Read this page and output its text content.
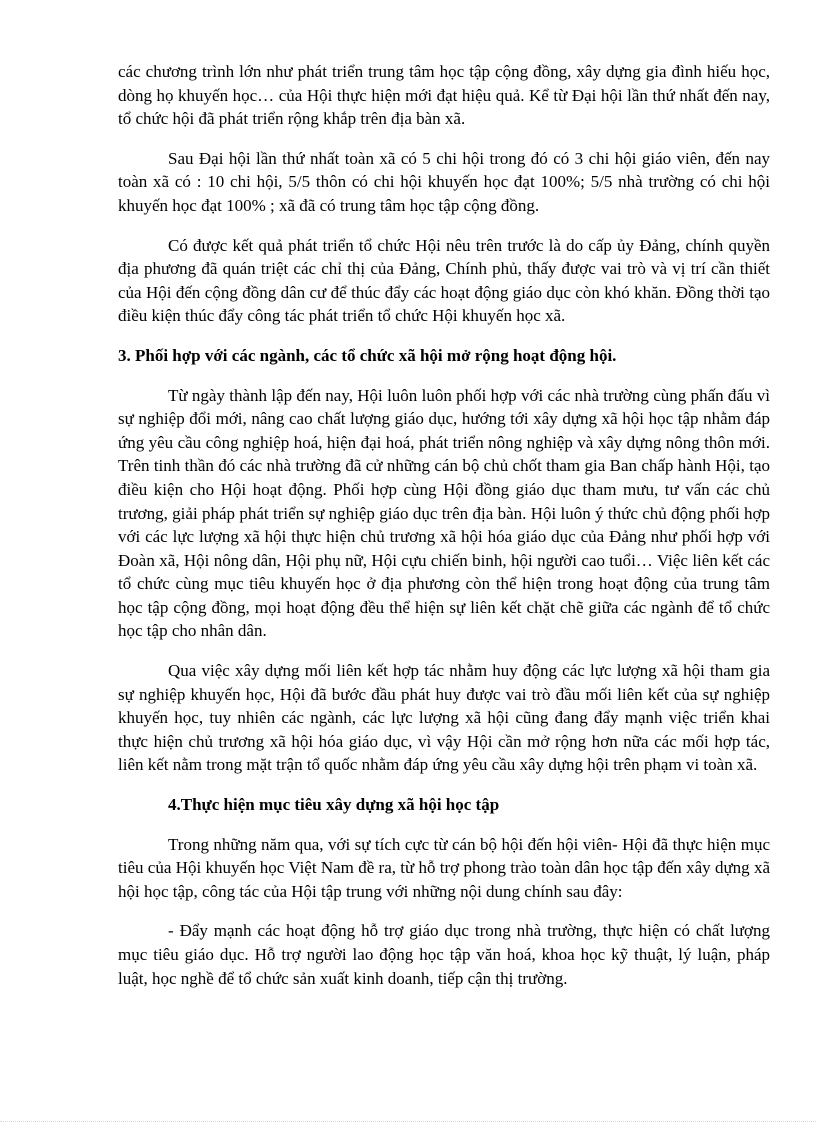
các chương trình lớn như phát triển trung tâm học tập cộng đồng, xây dựng gia đình hiếu học, dòng họ khuyến học… của Hội thực hiện mới đạt hiệu quả. Kể từ Đại hội lần thứ nhất đến nay, tổ chức hội đã phát triển rộng khắp trên địa bàn xã.

Sau Đại hội lần thứ nhất toàn xã có 5 chi hội trong đó có 3 chi hội giáo viên, đến nay toàn xã có : 10 chi hội, 5/5 thôn có chi hội khuyến học đạt 100%; 5/5 nhà trường có chi hội khuyến học đạt 100% ; xã đã có trung tâm học tập cộng đồng.

Có được kết quả phát triển tổ chức Hội nêu trên trước là do cấp ủy Đảng, chính quyền địa phương đã quán triệt các chỉ thị của Đảng, Chính phủ, thấy được vai trò và vị trí cần thiết của Hội đến cộng đồng dân cư để thúc đẩy các hoạt động giáo dục còn khó khăn. Đồng thời tạo điều kiện thúc đẩy công tác phát triển tổ chức Hội khuyến học xã.

3. Phối hợp với các ngành, các tổ chức xã hội mở rộng hoạt động hội.

Từ ngày thành lập đến nay, Hội luôn luôn phối hợp với các nhà trường cùng phấn đấu vì sự nghiệp đổi mới, nâng cao chất lượng giáo dục, hướng tới xây dựng xã hội học tập nhằm đáp ứng yêu cầu công nghiệp hoá, hiện đại hoá, phát triển nông nghiệp và xây dựng nông thôn mới. Trên tinh thần đó các nhà trường đã cử những cán bộ chủ chốt tham gia Ban chấp hành Hội, tạo điều kiện cho Hội hoạt động. Phối hợp cùng Hội đồng giáo dục tham mưu, tư vấn các chủ trương, giải pháp phát triển sự nghiệp giáo dục trên địa bàn. Hội luôn ý thức chủ động phối hợp với các lực lượng xã hội thực hiện chủ trương xã hội hóa giáo dục của Đảng như phối hợp với Đoàn xã, Hội nông dân, Hội phụ nữ, Hội cựu chiến binh, hội người cao tuổi… Việc liên kết các tổ chức cùng mục tiêu khuyến học ở địa phương còn thể hiện trong hoạt động của trung tâm học tập cộng đồng, mọi hoạt động đều thể hiện sự liên kết chặt chẽ giữa các ngành để tổ chức học tập cho nhân dân.

Qua việc xây dựng mối liên kết hợp tác nhằm huy động các lực lượng xã hội tham gia sự nghiệp khuyến học, Hội đã bước đầu phát huy được vai trò đầu mối liên kết của sự nghiệp khuyến học, tuy nhiên các ngành, các lực lượng xã hội cũng đang đẩy mạnh việc triển khai thực hiện chủ trương xã hội hóa giáo dục, vì vậy Hội cần mở rộng hơn nữa các mối hợp tác, liên kết nằm trong mặt trận tổ quốc nhằm đáp ứng yêu cầu xây dựng hội trên phạm vi toàn xã.

4.Thực hiện mục tiêu xây dựng xã hội học tập

Trong những năm qua, với sự tích cực từ cán bộ hội đến hội viên- Hội đã thực hiện mục tiêu của Hội khuyến học Việt Nam đề ra, từ hỗ trợ phong trào toàn dân học tập đến xây dựng xã hội học tập, công tác của Hội tập trung với những nội dung chính sau đây:

- Đẩy mạnh các hoạt động hỗ trợ giáo dục trong nhà trường, thực hiện có chất lượng mục tiêu giáo dục. Hỗ trợ người lao động học tập văn hoá, khoa học kỹ thuật, lý luận, pháp luật, học nghề để tổ chức sản xuất kinh doanh, tiếp cận thị trường.
